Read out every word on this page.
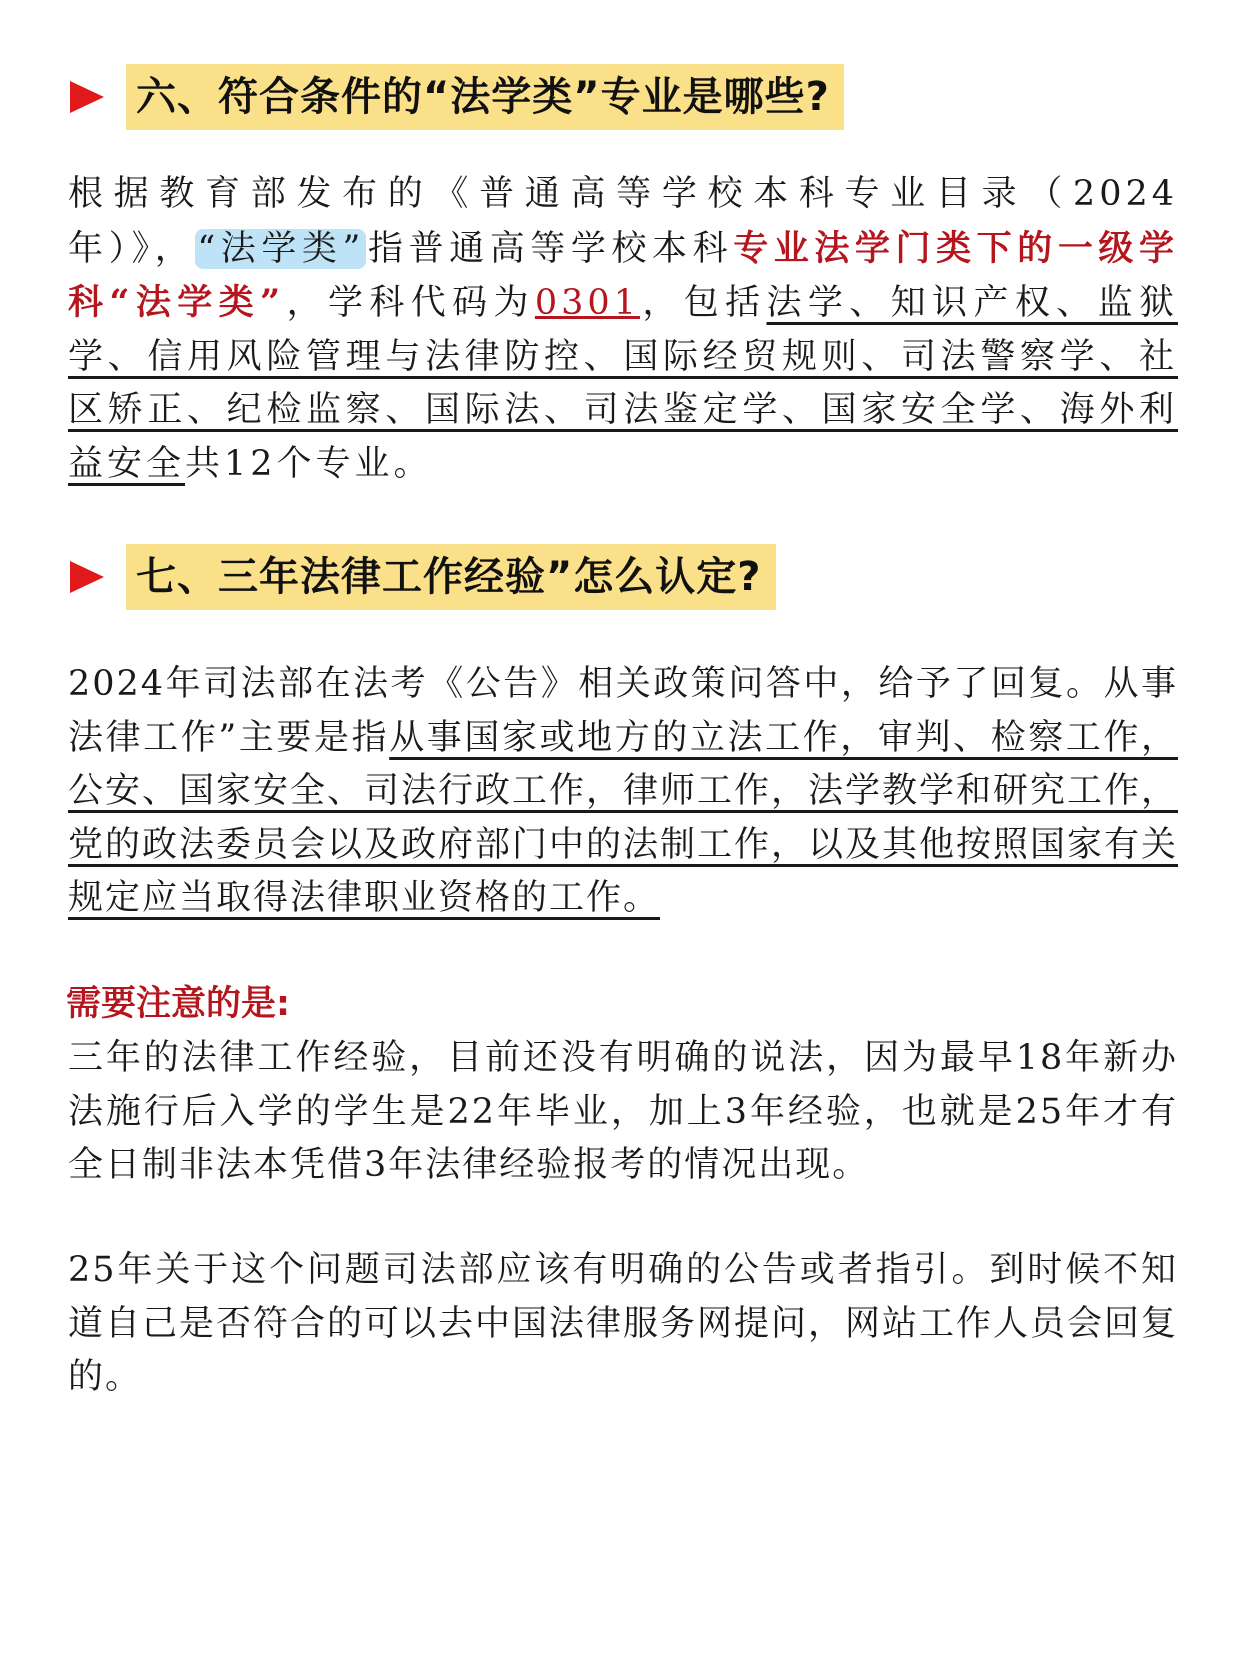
六、符合条件的“法学类”专业是哪些?
根据教育部发布的《普通高等学校本科专业目录（2024年）》，“法学类”指普通高等学校本科专业法学门类下的一级学科“法学类”，学科代码为0301，包括法学、知识产权、监狱学、信用风险管理与法律防控、国际经贸规则、司法警察学、社区矫正、纪检监察、国际法、司法鉴定学、国家安全学、海外利益安全共12个专业。
七、三年法律工作经验”怎么认定?
2024年司法部在法考《公告》相关政策问答中，给予了回复。从事法律工作”主要是指从事国家或地方的立法工作，审判、检察工作，公安、国家安全、司法行政工作，律师工作，法学教学和研究工作，党的政法委员会以及政府部门中的法制工作，以及其他按照国家有关规定应当取得法律职业资格的工作。
需要注意的是:
三年的法律工作经验，目前还没有明确的说法，因为最早18年新办法施行后入学的学生是22年毕业，加上3年经验，也就是25年才有全日制非法本凭借3年法律经验报考的情况出现。
25年关于这个问题司法部应该有明确的公告或者指引。到时候不知道自己是否符合的可以去中国法律服务网提问，网站工作人员会回复的。
